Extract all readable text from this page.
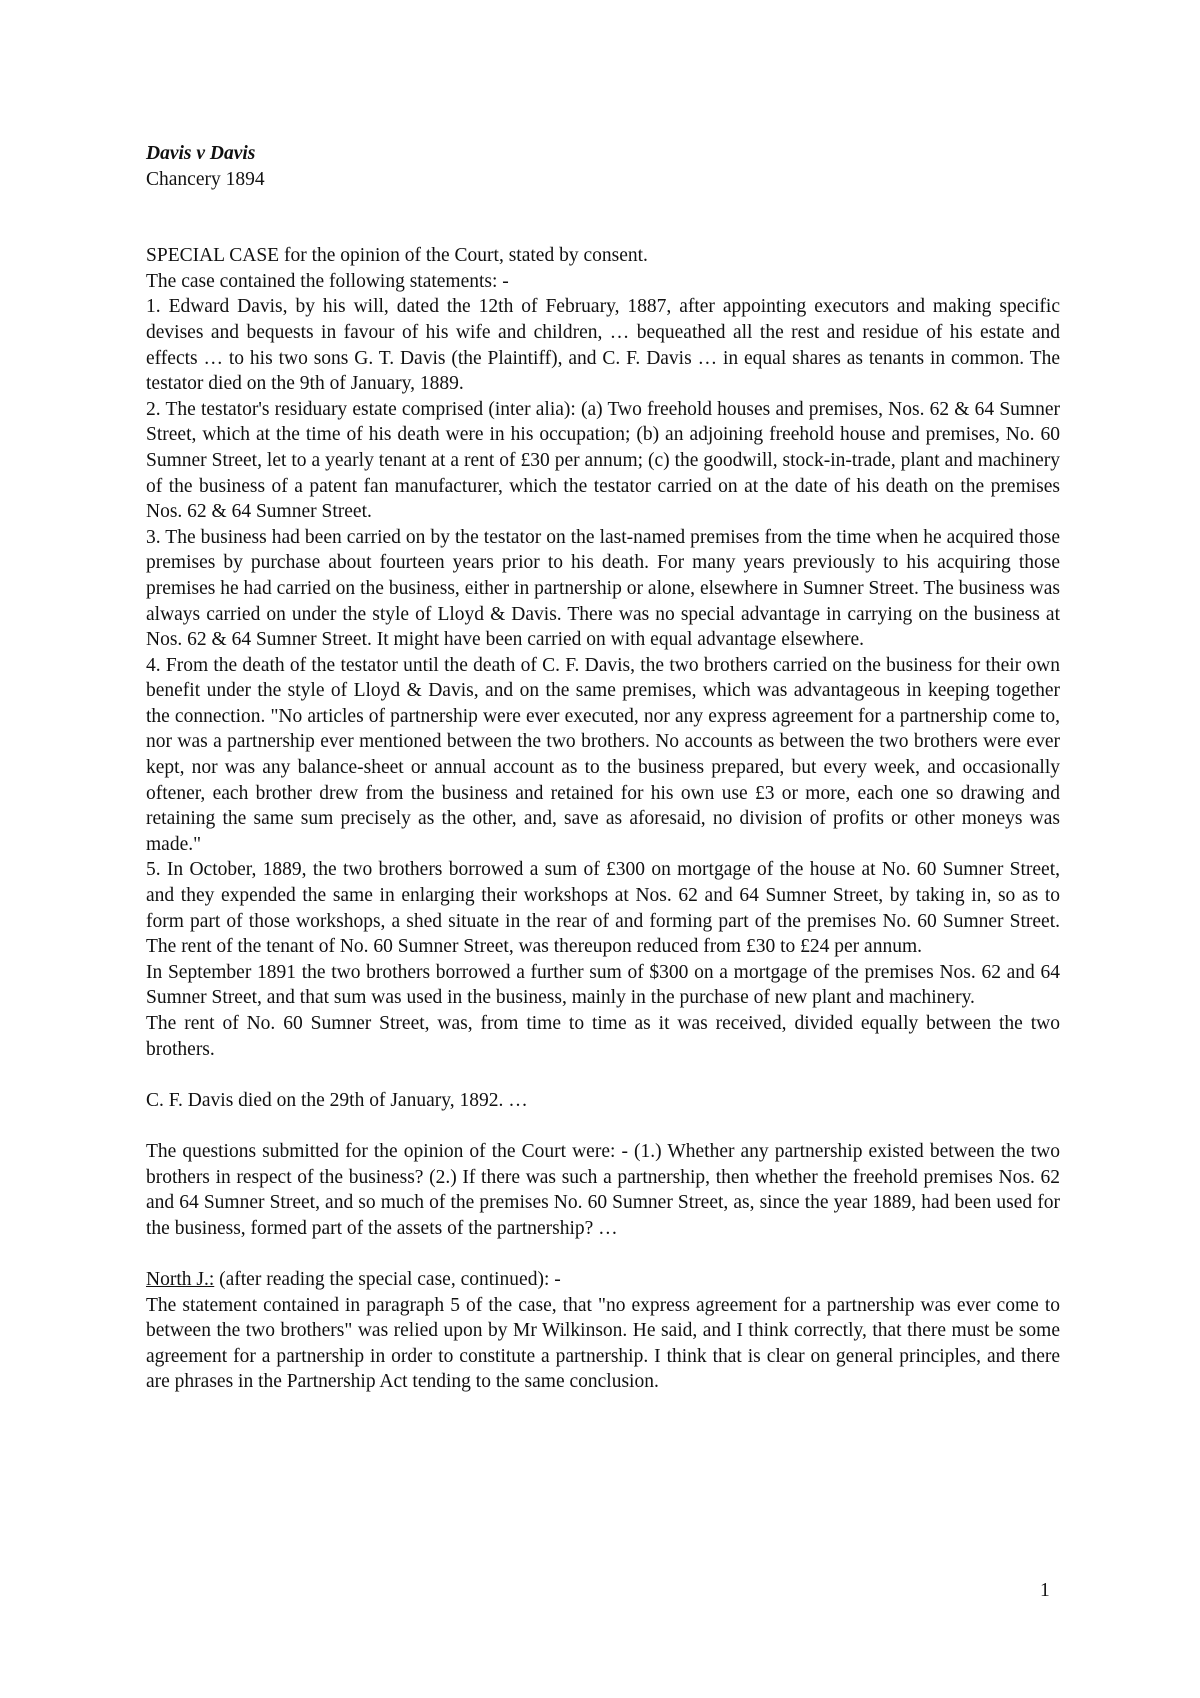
Davis v Davis

Chancery 1894

SPECIAL CASE for the opinion of the Court, stated by consent.

The case contained the following statements: -

1. Edward Davis, by his will, dated the 12th of February, 1887, after appointing executors and making specific devises and bequests in favour of his wife and children, … bequeathed all the rest and residue of his estate and effects … to his two sons G. T. Davis (the Plaintiff), and C. F. Davis … in equal shares as tenants in common. The testator died on the 9th of January, 1889.

2. The testator's residuary estate comprised (inter alia): (a) Two freehold houses and premises, Nos. 62 & 64 Sumner Street, which at the time of his death were in his occupation; (b) an adjoining freehold house and premises, No. 60 Sumner Street, let to a yearly tenant at a rent of £30 per annum; (c) the goodwill, stock-in-trade, plant and machinery of the business of a patent fan manufacturer, which the testator carried on at the date of his death on the premises Nos. 62 & 64 Sumner Street.

3. The business had been carried on by the testator on the last-named premises from the time when he acquired those premises by purchase about fourteen years prior to his death. For many years previously to his acquiring those premises he had carried on the business, either in partnership or alone, elsewhere in Sumner Street. The business was always carried on under the style of Lloyd & Davis. There was no special advantage in carrying on the business at Nos. 62 & 64 Sumner Street. It might have been carried on with equal advantage elsewhere.

4. From the death of the testator until the death of C. F. Davis, the two brothers carried on the business for their own benefit under the style of Lloyd & Davis, and on the same premises, which was advantageous in keeping together the connection. "No articles of partnership were ever executed, nor any express agreement for a partnership come to, nor was a partnership ever mentioned between the two brothers. No accounts as between the two brothers were ever kept, nor was any balance-sheet or annual account as to the business prepared, but every week, and occasionally oftener, each brother drew from the business and retained for his own use £3 or more, each one so drawing and retaining the same sum precisely as the other, and, save as aforesaid, no division of profits or other moneys was made."

5. In October, 1889, the two brothers borrowed a sum of £300 on mortgage of the house at No. 60 Sumner Street, and they expended the same in enlarging their workshops at Nos. 62 and 64 Sumner Street, by taking in, so as to form part of those workshops, a shed situate in the rear of and forming part of the premises No. 60 Sumner Street. The rent of the tenant of No. 60 Sumner Street, was thereupon reduced from £30 to £24 per annum.

In September 1891 the two brothers borrowed a further sum of $300 on a mortgage of the premises Nos. 62 and 64 Sumner Street, and that sum was used in the business, mainly in the purchase of new plant and machinery.

The rent of No. 60 Sumner Street, was, from time to time as it was received, divided equally between the two brothers.

C. F. Davis died on the 29th of January, 1892. …

The questions submitted for the opinion of the Court were: - (1.) Whether any partnership existed between the two brothers in respect of the business? (2.) If there was such a partnership, then whether the freehold premises Nos. 62 and 64 Sumner Street, and so much of the premises No. 60 Sumner Street, as, since the year 1889, had been used for the business, formed part of the assets of the partnership? …

North J.: (after reading the special case, continued): -

The statement contained in paragraph 5 of the case, that "no express agreement for a partnership was ever come to between the two brothers" was relied upon by Mr Wilkinson. He said, and I think correctly, that there must be some agreement for a partnership in order to constitute a partnership. I think that is clear on general principles, and there are phrases in the Partnership Act tending to the same conclusion.

1
